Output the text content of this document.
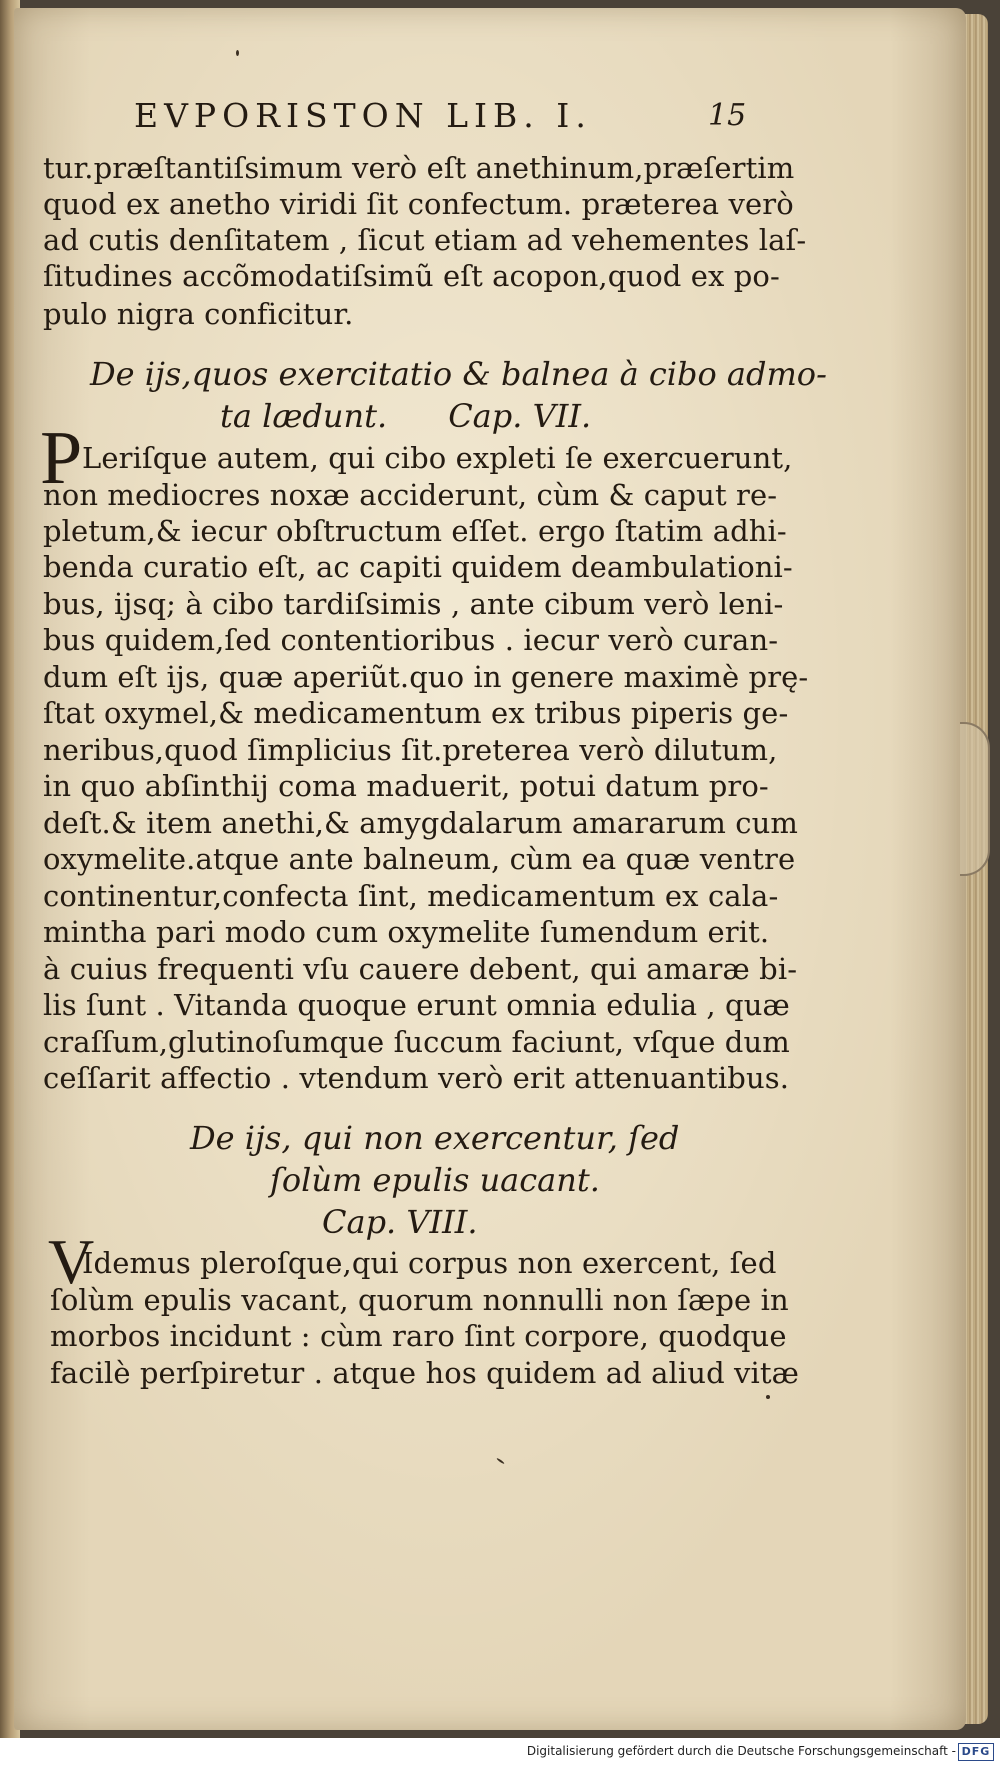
EVPORISTON LIB. I.	15
tur.præſtantiſsimum verò eſt anethinum,præſertim
quod ex anetho viridi ſit confectum. præterea verò
ad cutis denſitatem , ſicut etiam ad vehementes laſ-
ſitudines accõmodatiſsimũ eſt acopon,quod ex po-
pulo nigra conficitur.
De ijs,quos exercitatio & balnea à cibo admo-
ta lædunt.      Cap. VII.
P Leriſque autem, qui cibo expleti ſe exercuerunt,
non mediocres noxæ acciderunt, cùm & caput re-
pletum,& iecur obſtructum eſſet. ergo ſtatim adhi-
benda curatio eſt, ac capiti quidem deambulationi-
bus, ijsq; à cibo tardiſsimis , ante cibum verò leni-
bus quidem,ſed contentioribus . iecur verò curan-
dum eſt ijs, quæ aperiũt.quo in genere maximè prę-
ſtat oxymel,& medicamentum ex tribus piperis ge-
neribus,quod ſimplicius ſit.preterea verò dilutum,
in quo abſinthij coma maduerit, potui datum pro-
deſt.& item anethi,& amygdalarum amararum cum
oxymelite.atque ante balneum, cùm ea quæ ventre
continentur,confecta ſint, medicamentum ex cala-
mintha pari modo cum oxymelite ſumendum erit.
à cuius frequenti vſu cauere debent, qui amaræ bi-
lis ſunt . Vitanda quoque erunt omnia edulia , quæ
craſſum,glutinoſumque ſuccum faciunt, vſque dum
ceſſarit affectio . vtendum verò erit attenuantibus.
De ijs, qui non exercentur, ſed
ſolùm epulis uacant.
Cap. VIII.
V
Idemus pleroſque,qui corpus non exercent, ſed
ſolùm epulis vacant, quorum nonnulli non ſæpe in
morbos incidunt : cùm raro ſint corpore, quodque
facilè perſpiretur . atque hos quidem ad aliud vitæ
Digitalisierung gefördert durch die Deutsche Forschungsgemeinschaft - DFG
